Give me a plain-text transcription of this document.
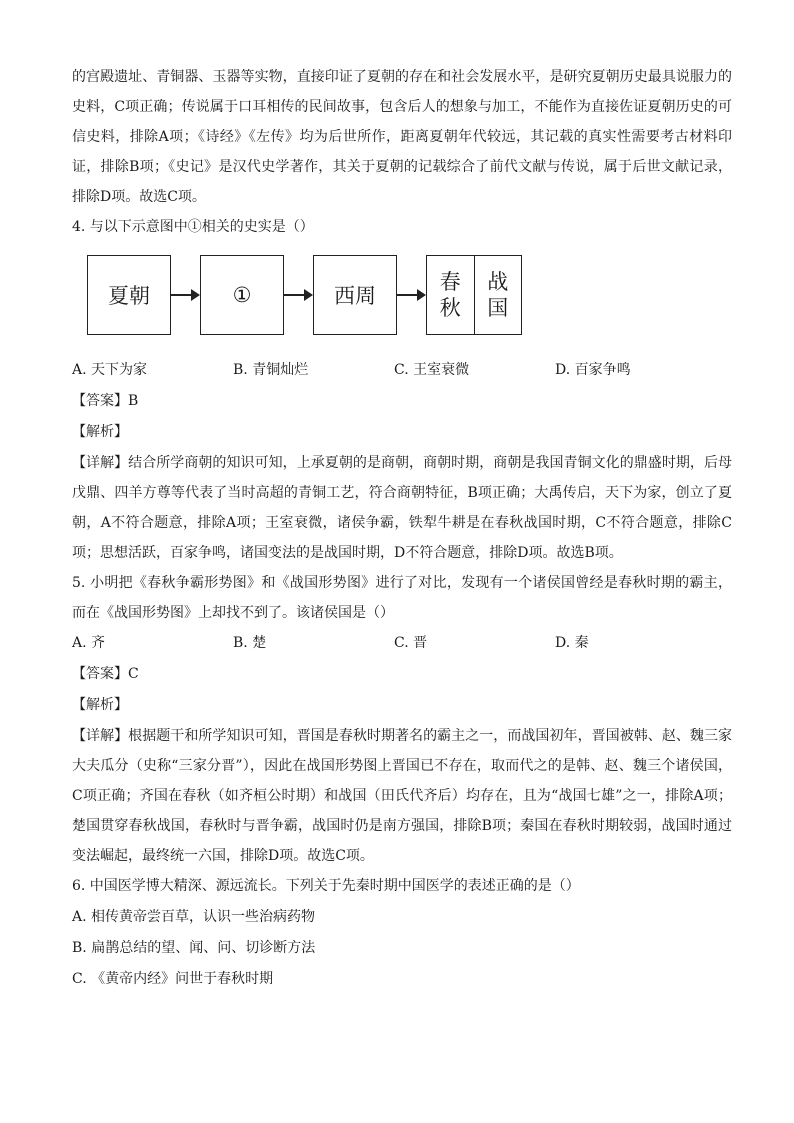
的宫殿遗址、青铜器、玉器等实物，直接印证了夏朝的存在和社会发展水平，是研究夏朝历史最具说服力的史料，C项正确；传说属于口耳相传的民间故事，包含后人的想象与加工，不能作为直接佐证夏朝历史的可信史料，排除A项；《诗经》《左传》均为后世所作，距离夏朝年代较远，其记载的真实性需要考古材料印证，排除B项；《史记》是汉代史学著作，其关于夏朝的记载综合了前代文献与传说，属于后世文献记录，排除D项。故选C项。

4. 与以下示意图中①相关的史实是（）

夏朝	①	西周
春
秋
战
国
A. 天下为家	B. 青铜灿烂	C. 王室衰微	D. 百家争鸣

【答案】B

【解析】

【详解】结合所学商朝的知识可知，上承夏朝的是商朝，商朝时期，商朝是我国青铜文化的鼎盛时期，后母戊鼎、四羊方尊等代表了当时高超的青铜工艺，符合商朝特征，B项正确；大禹传启，天下为家，创立了夏朝，A不符合题意，排除A项；王室衰微，诸侯争霸，铁犁牛耕是在春秋战国时期，C不符合题意，排除C项；思想活跃，百家争鸣，诸国变法的是战国时期，D不符合题意，排除D项。故选B项。

5. 小明把《春秋争霸形势图》和《战国形势图》进行了对比，发现有一个诸侯国曾经是春秋时期的霸主，而在《战国形势图》上却找不到了。该诸侯国是（）

A. 齐	B. 楚	C. 晋	D. 秦

【答案】C

【解析】

【详解】根据题干和所学知识可知，晋国是春秋时期著名的霸主之一，而战国初年，晋国被韩、赵、魏三家大夫瓜分（史称“三家分晋”），因此在战国形势图上晋国已不存在，取而代之的是韩、赵、魏三个诸侯国，C项正确；齐国在春秋（如齐桓公时期）和战国（田氏代齐后）均存在，且为“战国七雄”之一，排除A项；楚国贯穿春秋战国，春秋时与晋争霸，战国时仍是南方强国，排除B项；秦国在春秋时期较弱，战国时通过变法崛起，最终统一六国，排除D项。故选C项。

6. 中国医学博大精深、源远流长。下列关于先秦时期中国医学的表述正确的是（）

A. 相传黄帝尝百草，认识一些治病药物

B. 扁鹊总结的望、闻、问、切诊断方法

C. 《黄帝内经》问世于春秋时期
